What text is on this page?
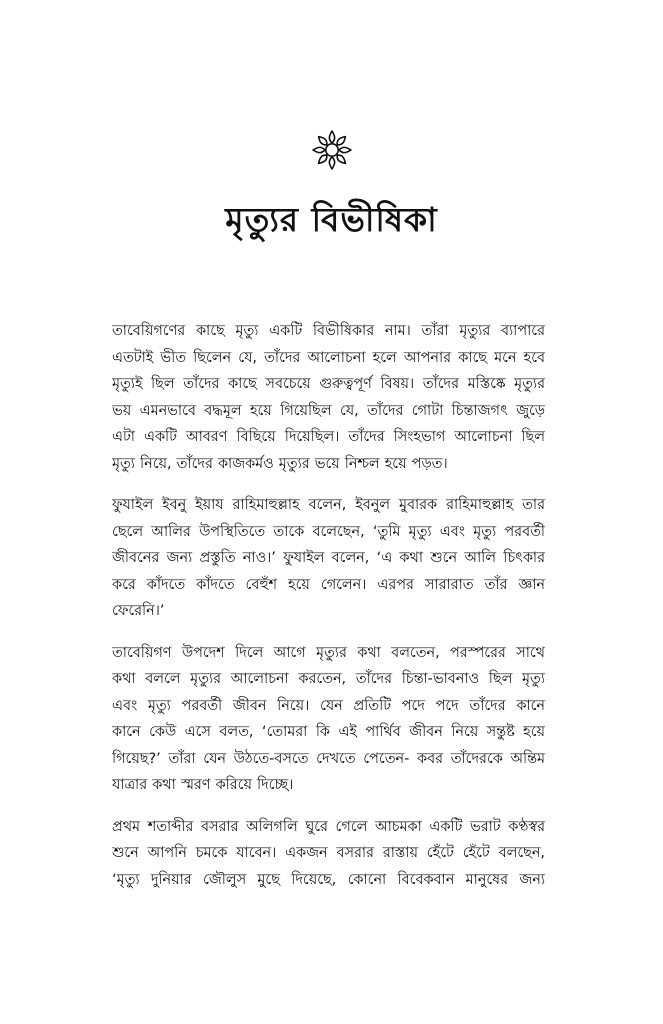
মৃত্যুর বিভীষিকা

তাবেয়িগণের কাছে মৃত্যু একটি বিভীষিকার নাম। তাঁরা মৃত্যুর ব্যাপারে
এতটাই ভীত ছিলেন যে, তাঁদের আলোচনা হলে আপনার কাছে মনে হবে
মৃত্যুই ছিল তাঁদের কাছে সবচেয়ে গুরুত্বপূর্ণ বিষয়। তাঁদের মস্তিষ্কে মৃত্যুর
ভয় এমনভাবে বদ্ধমূল হয়ে গিয়েছিল যে, তাঁদের গোটা চিন্তাজগৎ জুড়ে
এটা একটি আবরণ বিছিয়ে দিয়েছিল। তাঁদের সিংহভাগ আলোচনা ছিল
মৃত্যু নিয়ে, তাঁদের কাজকর্মও মৃত্যুর ভয়ে নিশ্চল হয়ে পড়ত।

ফুযাইল ইবনু ইয়ায রাহিমাহুল্লাহ বলেন, ইবনুল মুবারক রাহিমাহুল্লাহ তার
ছেলে আলির উপস্থিতিতে তাকে বলেছেন, ‘তুমি মৃত্যু এবং মৃত্যু পরবর্তী
জীবনের জন্য প্রস্তুতি নাও।’ ফুযাইল বলেন, ‘এ কথা শুনে আলি চিৎকার
করে কাঁদতে কাঁদতে বেহুঁশ হয়ে গেলেন। এরপর সারারাত তাঁর জ্ঞান
ফেরেনি।’

তাবেয়িগণ উপদেশ দিলে আগে মৃত্যুর কথা বলতেন, পরস্পরের সাথে
কথা বললে মৃত্যুর আলোচনা করতেন, তাঁদের চিন্তা-ভাবনাও ছিল মৃত্যু
এবং মৃত্যু পরবর্তী জীবন নিয়ে। যেন প্রতিটি পদে পদে তাঁদের কানে
কানে কেউ এসে বলত, ‘তোমরা কি এই পার্থিব জীবন নিয়ে সন্তুষ্ট হয়ে
গিয়েছ?’ তাঁরা যেন উঠতে-বসতে দেখতে পেতেন- কবর তাঁদেরকে অন্তিম
যাত্রার কথা স্মরণ করিয়ে দিচ্ছে।

প্রথম শতাব্দীর বসরার অলিগলি ঘুরে গেলে আচমকা একটি ভরাট কণ্ঠস্বর
শুনে আপনি চমকে যাবেন। একজন বসরার রাস্তায় হেঁটে হেঁটে বলছেন,
‘মৃত্যু দুনিয়ার জৌলুস মুছে দিয়েছে, কোনো বিবেকবান মানুষের জন্য
